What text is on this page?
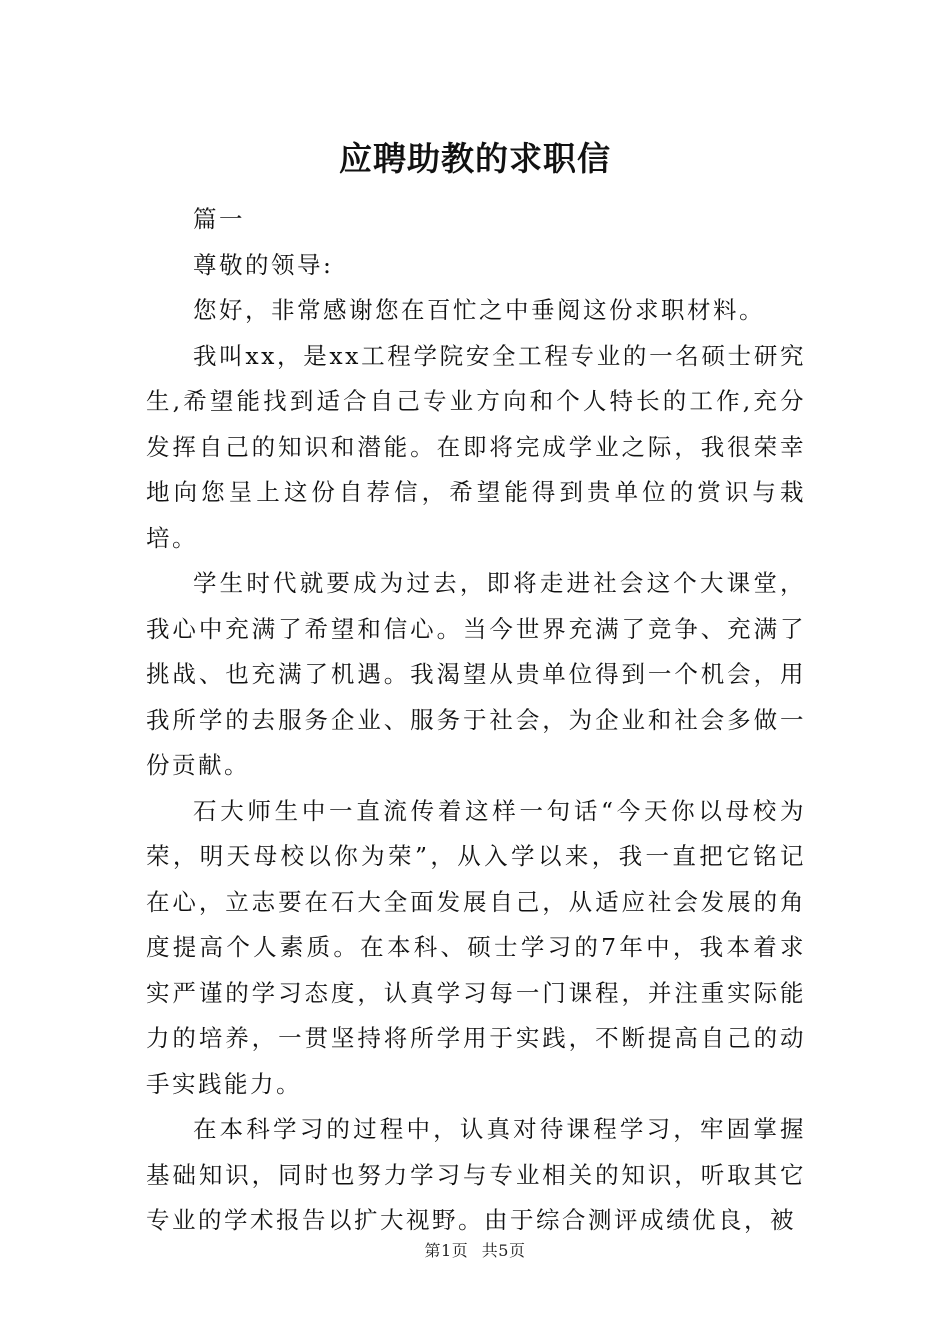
应聘助教的求职信

篇一

尊敬的领导:

您好，非常感谢您在百忙之中垂阅这份求职材料。

我叫xx，是xx工程学院安全工程专业的一名硕士研究生,希望能找到适合自己专业方向和个人特长的工作,充分发挥自己的知识和潜能。在即将完成学业之际，我很荣幸地向您呈上这份自荐信，希望能得到贵单位的赏识与栽培。

学生时代就要成为过去，即将走进社会这个大课堂，我心中充满了希望和信心。当今世界充满了竞争、充满了挑战、也充满了机遇。我渴望从贵单位得到一个机会，用我所学的去服务企业、服务于社会，为企业和社会多做一份贡献。

石大师生中一直流传着这样一句话“今天你以母校为荣，明天母校以你为荣”，从入学以来，我一直把它铭记在心，立志要在石大全面发展自己，从适应社会发展的角度提高个人素质。在本科、硕士学习的7年中，我本着求实严谨的学习态度，认真学习每一门课程，并注重实际能力的培养，一贯坚持将所学用于实践，不断提高自己的动手实践能力。

在本科学习的过程中，认真对待课程学习，牢固掌握基础知识，同时也努力学习与专业相关的知识，听取其它专业的学术报告以扩大视野。由于综合测评成绩优良，被

第1页 共5页
